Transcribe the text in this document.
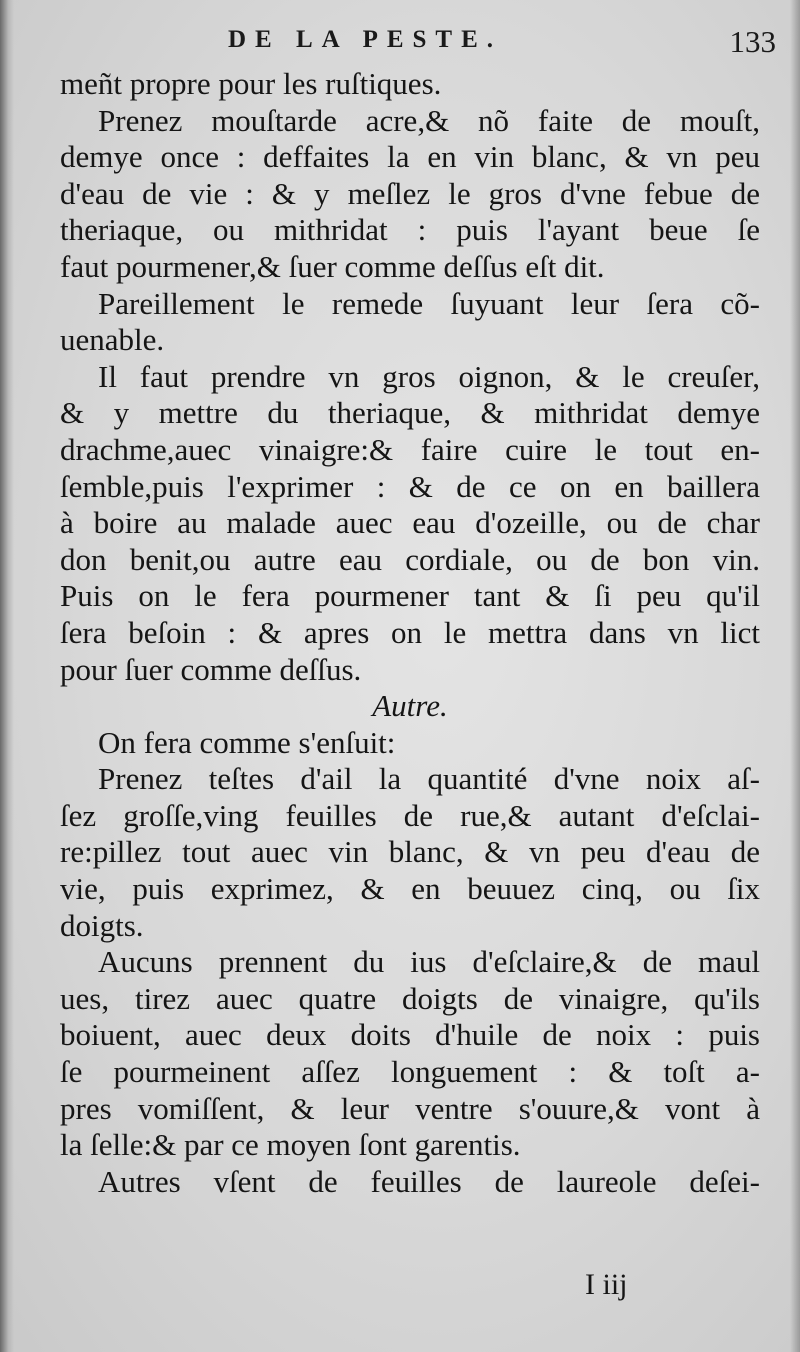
DE LA PESTE.	133
meñt propre pour les ruſtiques.
Prenez mouſtarde acre,& nõ faite de mouſt,
demye once : deffaites la en vin blanc, & vn peu
d'eau de vie : & y meſlez le gros d'vne febue de
theriaque, ou mithridat : puis l'ayant beue ſe
faut pourmener,& ſuer comme deſſus eſt dit.
Pareillement le remede ſuyuant leur ſera cõ-
uenable.
Il faut prendre vn gros oignon, & le creuſer,
& y mettre du theriaque, & mithridat demye
drachme,auec vinaigre:& faire cuire le tout en-
ſemble,puis l'exprimer : & de ce on en baillera
à boire au malade auec eau d'ozeille, ou de char
don benit,ou autre eau cordiale, ou de bon vin.
Puis on le fera pourmener tant & ſi peu qu'il
ſera beſoin : & apres on le mettra dans vn lict
pour ſuer comme deſſus.
Autre.
On fera comme s'enſuit:
Prenez teſtes d'ail la quantité d'vne noix aſ-
ſez groſſe,ving feuilles de rue,& autant d'eſclai-
re:pillez tout auec vin blanc, & vn peu d'eau de
vie, puis exprimez, & en beuuez cinq, ou ſix
doigts.
Aucuns prennent du ius d'eſclaire,& de maul
ues, tirez auec quatre doigts de vinaigre, qu'ils
boiuent, auec deux doits d'huile de noix : puis
ſe pourmeinent aſſez longuement : & toſt a-
pres vomiſſent, & leur ventre s'ouure,& vont à
la ſelle:& par ce moyen ſont garentis.
Autres vſent de feuilles de laureole deſei-
I iij
